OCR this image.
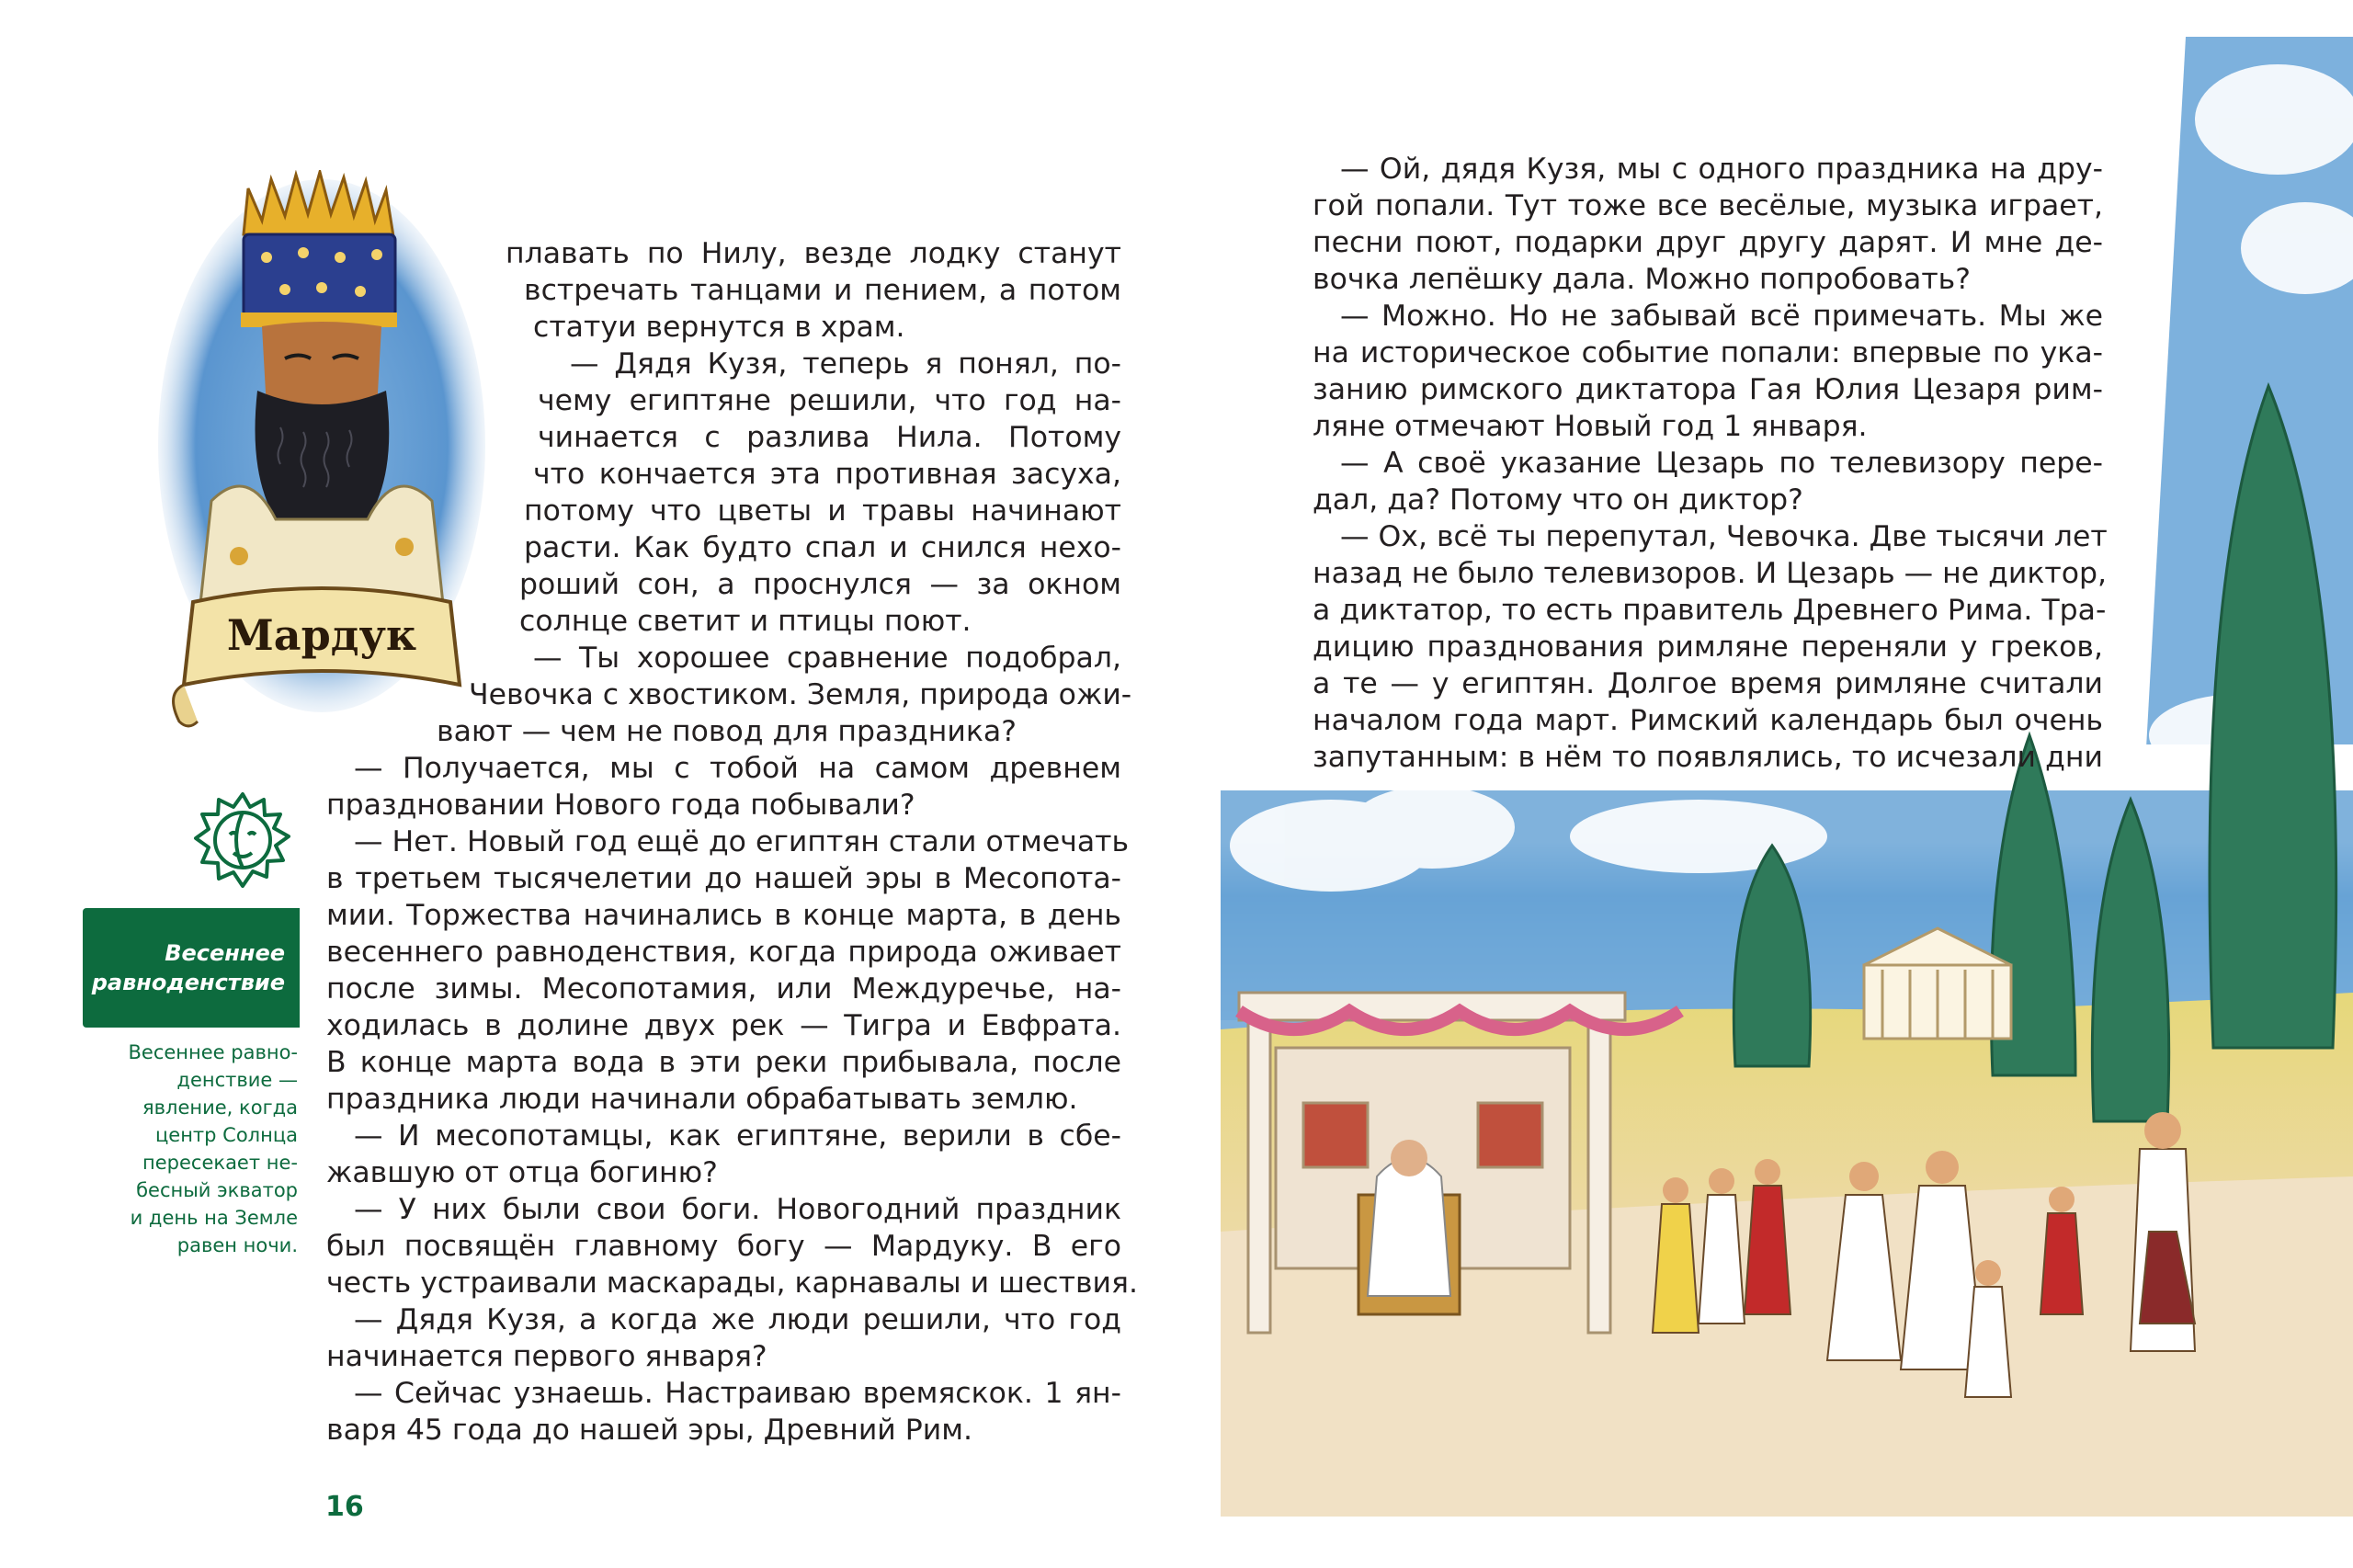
Мардук
плавать по Нилу, везде лодку станут
встречать танцами и пением, а потом
статуи вернутся в храм.
— Дядя Кузя, теперь я понял, по-
чему египтяне решили, что год на-
чинается с разлива Нила. Потому
что кончается эта противная засуха,
потому что цветы и травы начинают
расти. Как будто спал и снился нехо-
роший сон, а проснулся — за окном
солнце светит и птицы поют.
— Ты хорошее сравнение подобрал,
Чевочка с хвостиком. Земля, природа ожи-
вают — чем не повод для праздника?
— Получается, мы с тобой на самом древнем
праздновании Нового года побывали?
— Нет. Новый год ещё до египтян стали отмечать
в третьем тысячелетии до нашей эры в Месопота-
мии. Торжества начинались в конце марта, в день
весеннего равноденствия, когда природа оживает
после зимы. Месопотамия, или Междуречье, на-
ходилась в долине двух рек — Тигра и Евфрата.
В конце марта вода в эти реки прибывала, после
праздника люди начинали обрабатывать землю.
— И месопотамцы, как египтяне, верили в сбе-
жавшую от отца богиню?
— У них были свои боги. Новогодний праздник
был посвящён главному богу — Мардуку. В его
честь устраивали маскарады, карнавалы и шествия.
— Дядя Кузя, а когда же люди решили, что год
начинается первого января?
— Сейчас узнаешь. Настраиваю времяскок. 1 ян-
варя 45 года до нашей эры, Древний Рим.
Весеннее
равноденствие
Весеннее равно-
денствие —
явление, когда
центр Солнца
пересекает не-
бесный экватор
и день на Земле
равен ночи.
16
— Ой, дядя Кузя, мы с одного праздника на дру-
гой попали. Тут тоже все весёлые, музыка играет,
песни поют, подарки друг другу дарят. И мне де-
вочка лепёшку дала. Можно попробовать?
— Можно. Но не забывай всё примечать. Мы же
на историческое событие попали: впервые по ука-
занию римского диктатора Гая Юлия Цезаря рим-
ляне отмечают Новый год 1 января.
— А своё указание Цезарь по телевизору пере-
дал, да? Потому что он диктор?
— Ох, всё ты перепутал, Чевочка. Две тысячи лет
назад не было телевизоров. И Цезарь — не диктор,
а диктатор, то есть правитель Древнего Рима. Тра-
дицию празднования римляне переняли у греков,
а те — у египтян. Долгое время римляне считали
началом года март. Римский календарь был очень
запутанным: в нём то появлялись, то исчезали дни
